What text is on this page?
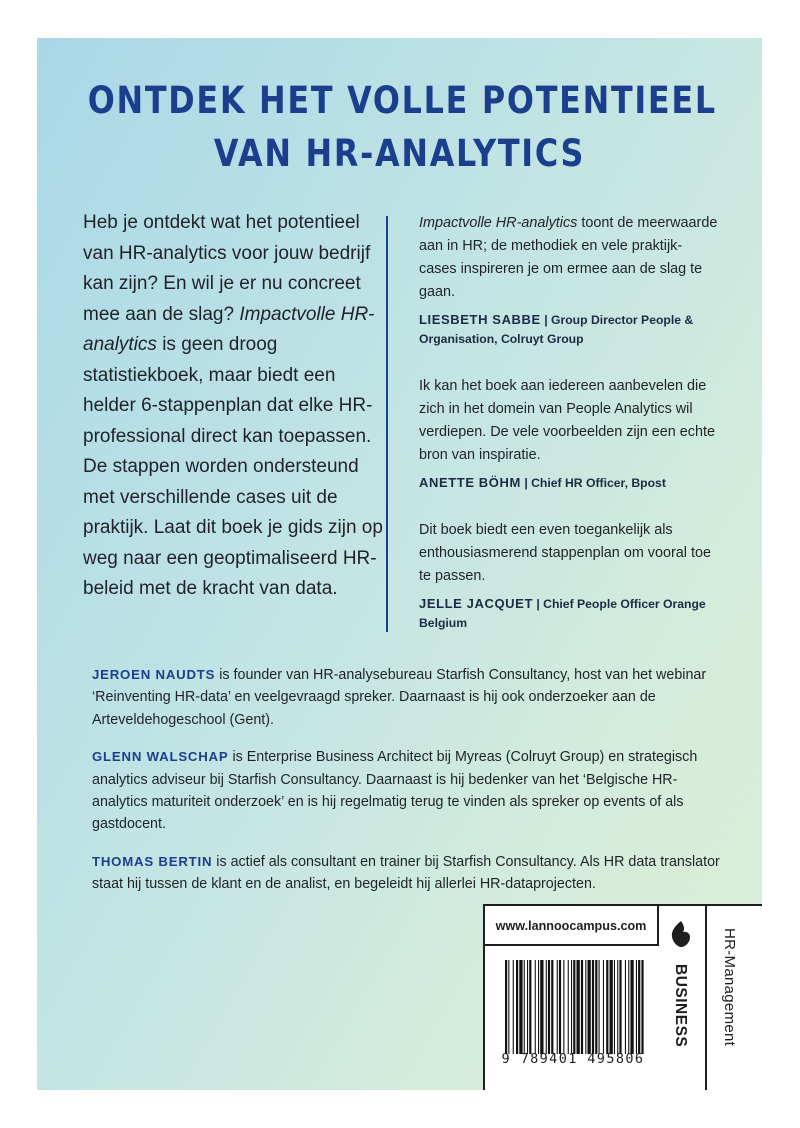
ONTDEK HET VOLLE POTENTIEEL
VAN HR-ANALYTICS

Heb je ontdekt wat het potentieel van HR-analytics voor jouw bedrijf kan zijn? En wil je er nu concreet mee aan de slag? Impactvolle HR-analytics is geen droog statistiekboek, maar biedt een helder 6-stappenplan dat elke HR-professional direct kan toepassen. De stappen worden ondersteund met verschillende cases uit de praktijk. Laat dit boek je gids zijn op weg naar een geoptimaliseerd HR-beleid met de kracht van data.

Impactvolle HR-analytics toont de meerwaarde aan in HR; de methodiek en vele praktijk-cases inspireren je om ermee aan de slag te gaan.
LIESBETH SABBE | Group Director People & Organisation, Colruyt Group
Ik kan het boek aan iedereen aanbevelen die zich in het domein van People Analytics wil verdiepen. De vele voorbeelden zijn een echte bron van inspiratie.
ANETTE BÖHM | Chief HR Officer, Bpost
Dit boek biedt een even toegankelijk als enthousiasmerend stappenplan om vooral toe te passen.
JELLE JACQUET | Chief People Officer Orange Belgium

JEROEN NAUDTS is founder van HR-analysebureau Starfish Consultancy, host van het webinar ‘Reinventing HR-data’ en veelgevraagd spreker. Daarnaast is hij ook onderzoeker aan de Arteveldehogeschool (Gent).

GLENN WALSCHAP is Enterprise Business Architect bij Myreas (Colruyt Group) en strategisch analytics adviseur bij Starfish Consultancy. Daarnaast is hij bedenker van het ‘Belgische HR-analytics maturiteit onderzoek’ en is hij regelmatig terug te vinden als spreker op events of als gastdocent.

THOMAS BERTIN is actief als consultant en trainer bij Starfish Consultancy. Als HR data translator staat hij tussen de klant en de analist, en begeleidt hij allerlei HR-dataprojecten.

www.lannoocampus.com
9 789401 495806
BUSINESS HR-Management
